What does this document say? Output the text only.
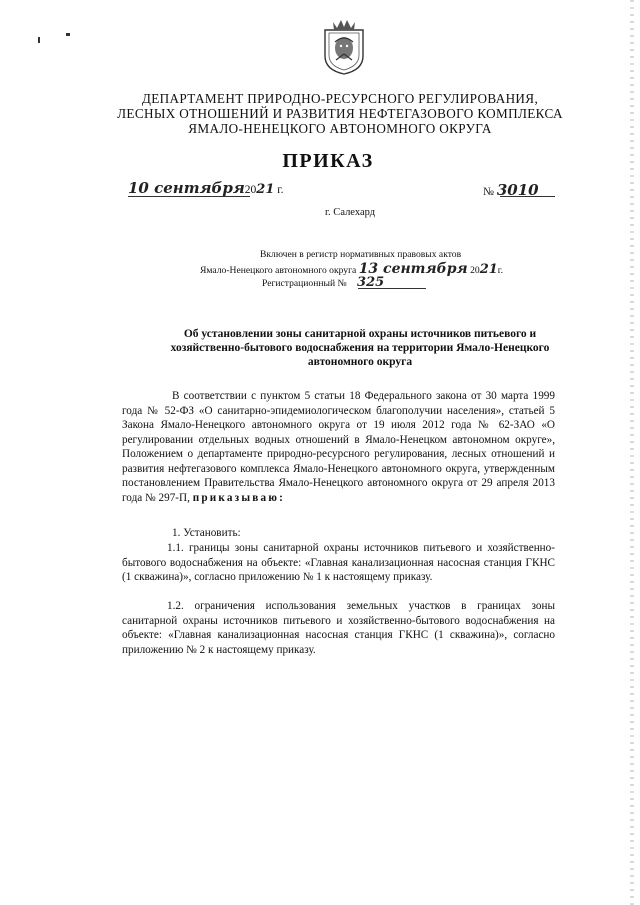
ДЕПАРТАМЕНТ ПРИРОДНО-РЕСУРСНОГО РЕГУЛИРОВАНИЯ,
ЛЕСНЫХ ОТНОШЕНИЙ И РАЗВИТИЯ НЕФТЕГАЗОВОГО КОМПЛЕКСА
ЯМАЛО-НЕНЕЦКОГО АВТОНОМНОГО ОКРУГА
ПРИКАЗ
10 сентября2021 г.	№ 3010
г. Салехард
Включен в регистр нормативных правовых актов
Ямало-Ненецкого автономного округа 13 сентября 2021г.
Регистрационный № 325
Об установлении зоны санитарной охраны источников питьевого и
хозяйственно-бытового водоснабжения на территории Ямало-Ненецкого
автономного округа
В соответствии с пунктом 5 статьи 18 Федерального закона от 30 марта 1999 года № 52-ФЗ «О санитарно-эпидемиологическом благополучии населения», статьей 5 Закона Ямало-Ненецкого автономного округа от 19 июля 2012 года № 62-ЗАО «О регулировании отдельных водных отношений в Ямало-Ненецком автономном округе», Положением о департаменте природно-ресурсного регулирования, лесных отношений и развития нефтегазового комплекса Ямало-Ненецкого автономного округа, утвержденным постановлением Правительства Ямало-Ненецкого автономного округа от 29 апреля 2013 года № 297-П, приказываю:
1. Установить:
1.1. границы зоны санитарной охраны источников питьевого и хозяйственно-бытового водоснабжения на объекте: «Главная канализационная насосная станция ГКНС (1 скважина)», согласно приложению № 1 к настоящему приказу.
1.2. ограничения использования земельных участков в границах зоны санитарной охраны источников питьевого и хозяйственно-бытового водоснабжения на объекте: «Главная канализационная насосная станция ГКНС (1 скважина)», согласно приложению № 2 к настоящему приказу.
